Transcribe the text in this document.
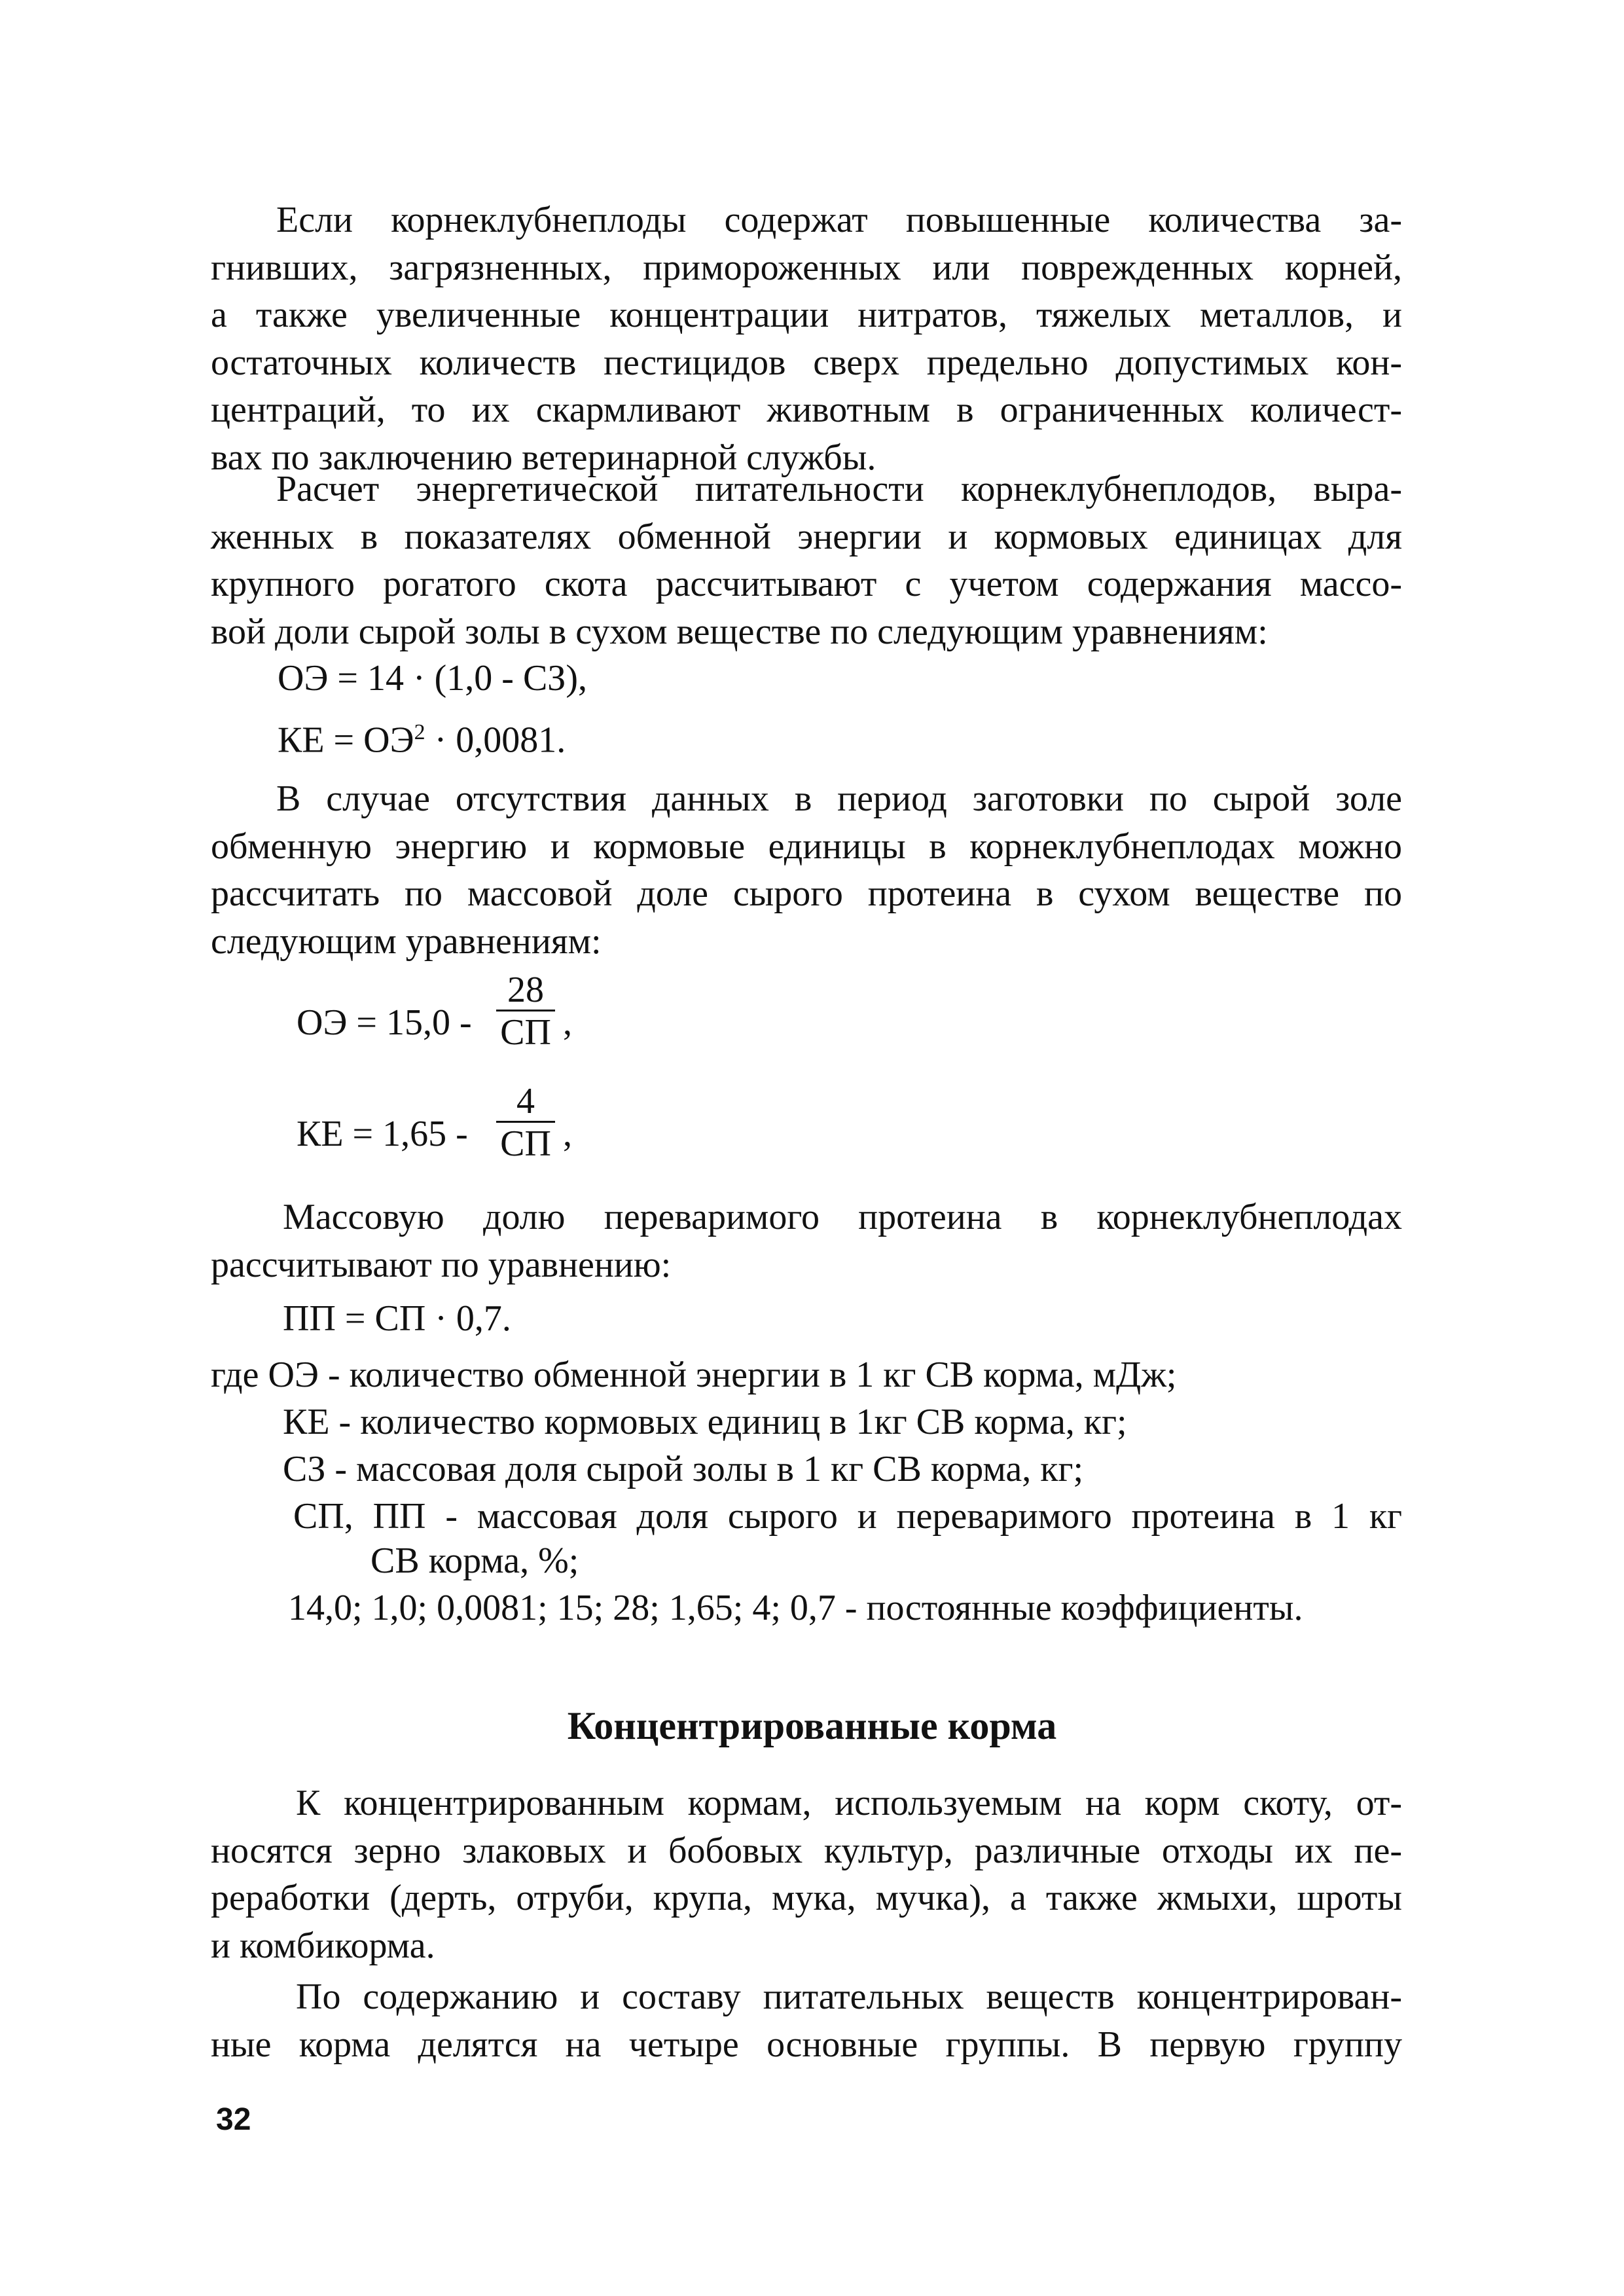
Если корнеклубнеплоды содержат повышенные количества за-
гнивших, загрязненных, примороженных или поврежденных корней,
а также увеличенные концентрации нитратов, тяжелых металлов, и
остаточных количеств пестицидов сверх предельно допустимых кон-
центраций, то их скармливают животным в ограниченных количест-
вах по заключению ветеринарной службы.
Расчет энергетической питательности корнеклубнеплодов, выра-
женных в показателях обменной энергии и кормовых единицах для
крупного рогатого скота рассчитывают с учетом содержания массо-
вой доли сырой золы в сухом веществе по следующим уравнениям:
ОЭ = 14 · (1,0 - СЗ),
КЕ = $ОЭ^2 \cdot 0,0081$.
В случае отсутствия данных в период заготовки по сырой золе
обменную энергию и кормовые единицы в корнеклубнеплодах можно
рассчитать по массовой доле сырого протеина в сухом веществе по
следующим уравнениям:
ОЭ = 15,0 -
28
СП ,
КЕ = 1,65 -
4
СП ,
Массовую долю переваримого протеина в корнеклубнеплодах
рассчитывают по уравнению:
ПП = СП · 0,7.
где ОЭ - количество обменной энергии в 1 кг СВ корма, мДж;
КЕ - количество кормовых единиц в 1кг СВ корма, кг;
СЗ - массовая доля сырой золы в 1 кг СВ корма, кг;
СП, ПП - массовая доля сырого и переваримого протеина в 1 кг
СВ корма, %;
14,0; 1,0; 0,0081; 15; 28; 1,65; 4; 0,7 - постоянные коэффициенты.
Концентрированные корма
К концентрированным кормам, используемым на корм скоту, от-
носятся зерно злаковых и бобовых культур, различные отходы их пе-
реработки (дерть, отруби, крупа, мука, мучка), а также жмыхи, шроты
и комбикорма.
По содержанию и составу питательных веществ концентрирован-
ные корма делятся на четыре основные группы. В первую группу
32
